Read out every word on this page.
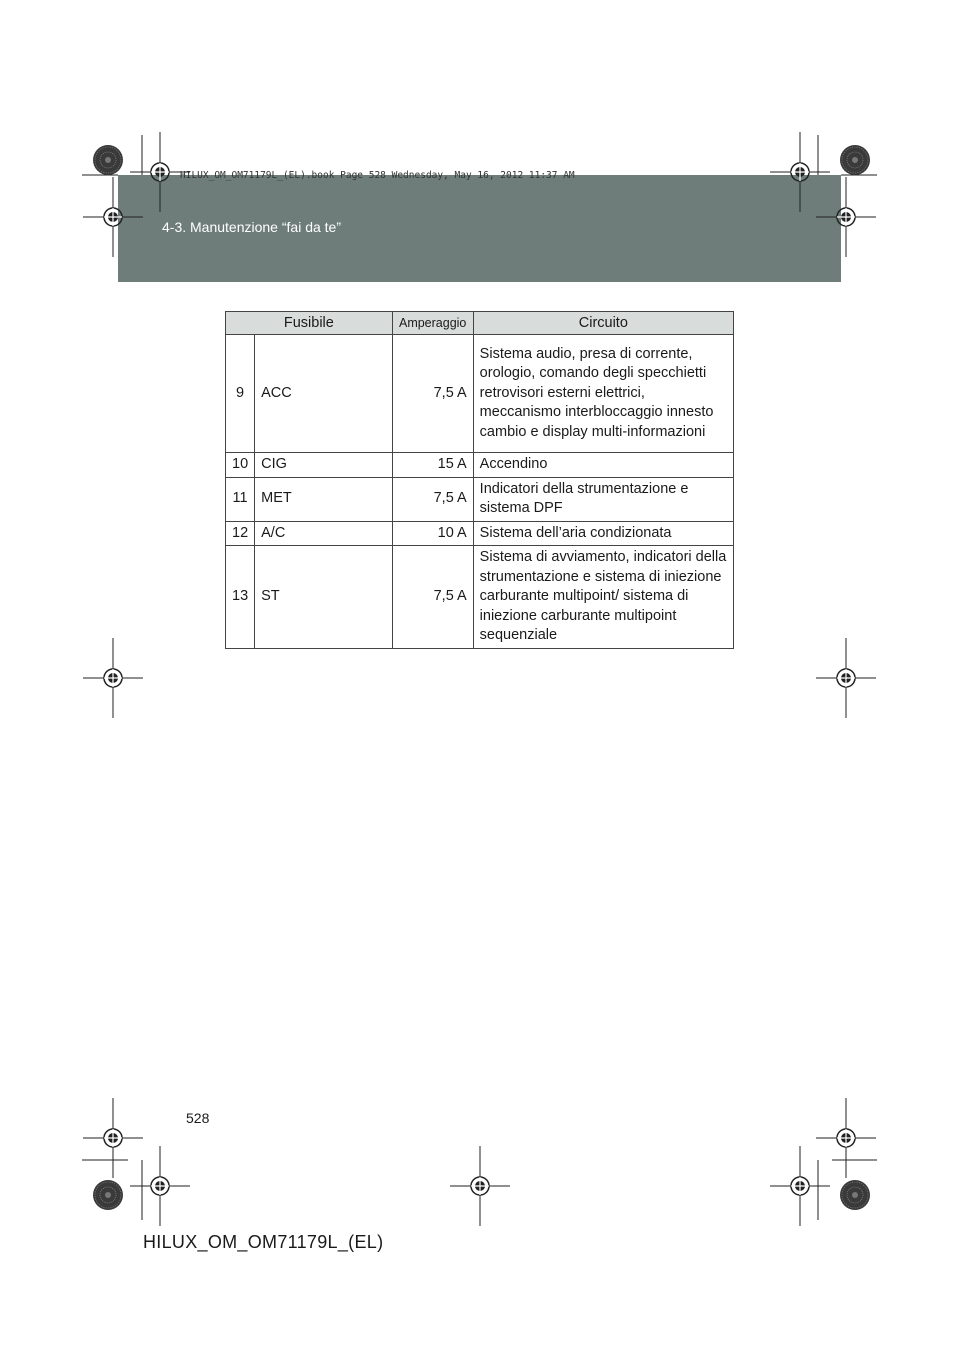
4-3. Manutenzione “fai da te”
HILUX_OM_OM71179L_(EL).book Page 528 Wednesday, May 16, 2012 11:37 AM
Fusibile		Amperaggio	Circuito
9	ACC	7,5 A	Sistema audio, presa di corrente, orologio, comando degli specchietti retrovisori esterni elettrici, meccanismo interbloccaggio innesto cambio e display multi-informazioni
10	CIG	15 A	Accendino
11	MET	7,5 A	Indicatori della strumentazione e sistema DPF
12	A/C	10 A	Sistema dell’aria condizionata
13	ST	7,5 A	Sistema di avviamento, indicatori della strumentazione e sistema di iniezione carburante multipoint/ sistema di iniezione carburante multipoint sequenziale
528
HILUX_OM_OM71179L_(EL)
